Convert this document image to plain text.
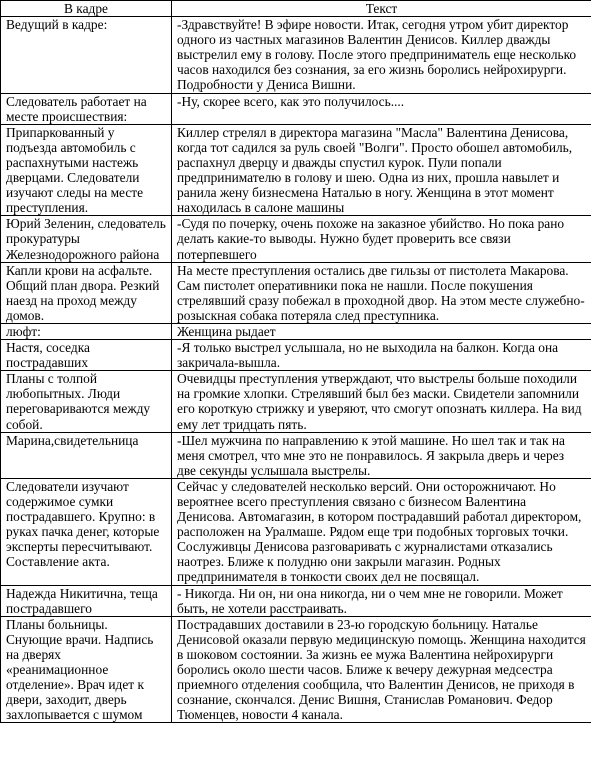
В кадре	Текст
Ведущий в кадре:	-Здравствуйте! В эфире новости. Итак, сегодня утром убит директор одного из частных магазинов Валентин Денисов. Киллер дважды выстрелил ему в голову. После этого предприниматель еще несколько часов находился без сознания, за его жизнь боролись нейрохирурги. Подробности у Дениса Вишни.
Следователь работает на месте происшествия:	-Ну, скорее всего, как это получилось....
Припаркованный у подъезда автомобиль с распахнутыми настежь дверцами. Следователи изучают следы на месте преступления.	Киллер стрелял в директора магазина "Масла" Валентина Денисова, когда тот садился за руль своей "Волги". Просто обошел автомобиль, распахнул дверцу и дважды спустил курок. Пули попали предпринимателю в голову и шею. Одна из них, прошла навылет и ранила жену бизнесмена Наталью в ногу. Женщина в этот момент находилась в салоне машины
Юрий Зеленин, следователь прокуратуры Железнодорожного района	-Судя по почерку, очень похоже на заказное убийство. Но пока рано делать какие-то выводы. Нужно будет проверить все связи потерпевшего
Капли крови на асфальте. Общий план двора. Резкий наезд на проход между домов.	На месте преступления остались две гильзы от пистолета Макарова. Сам пистолет оперативники пока не нашли. После покушения стрелявший сразу побежал в проходной двор. На этом месте служебно-розыскная собака потеряла след преступника.
люфт:	Женщина рыдает
Настя, соседка пострадавших	-Я только выстрел услышала, но не выходила на балкон. Когда она закричала-вышла.
Планы с толпой любопытных. Люди переговариваются между собой.	Очевидцы преступления утверждают, что выстрелы больше походили на громкие хлопки. Стрелявший был без маски. Свидетели запомнили его короткую стрижку и уверяют, что смогут опознать киллера. На вид ему лет тридцать пять.
Марина,свидетельница	-Шел мужчина по направлению к этой машине. Но шел так и так на меня смотрел, что мне это не понравилось. Я закрыла дверь и через две секунды услышала выстрелы.
Следователи изучают содержимое сумки пострадавшего. Крупно: в руках пачка денег, которые эксперты пересчитывают. Составление акта.	Сейчас у следователей несколько версий. Они осторожничают. Но вероятнее всего преступления связано с бизнесом Валентина Денисова. Автомагазин, в котором пострадавший работал директором, расположен на Уралмаше. Рядом еще три подобных торговых точки. Сослуживцы Денисова разговаривать с журналистами отказались наотрез. Ближе к полудню они закрыли магазин. Родных предпринимателя в тонкости своих дел не посвящал.
Надежда Никитична, теща пострадавшего	- Никогда. Ни он, ни она никогда, ни о чем мне не говорили. Может быть, не хотели расстраивать.
Планы больницы. Снующие врачи. Надпись на дверях «реанимационное отделение». Врач идет к двери, заходит, дверь захлопывается с шумом	Пострадавших доставили в 23-ю городскую больницу. Наталье Денисовой оказали первую медицинскую помощь. Женщина находится в шоковом состоянии. За жизнь ее мужа Валентина нейрохирурги боролись около шести часов. Ближе к вечеру дежурная медсестра приемного отделения сообщила, что Валентин Денисов, не приходя в сознание, скончался. Денис Вишня, Станислав Романович. Федор Тюменцев, новости 4 канала.
